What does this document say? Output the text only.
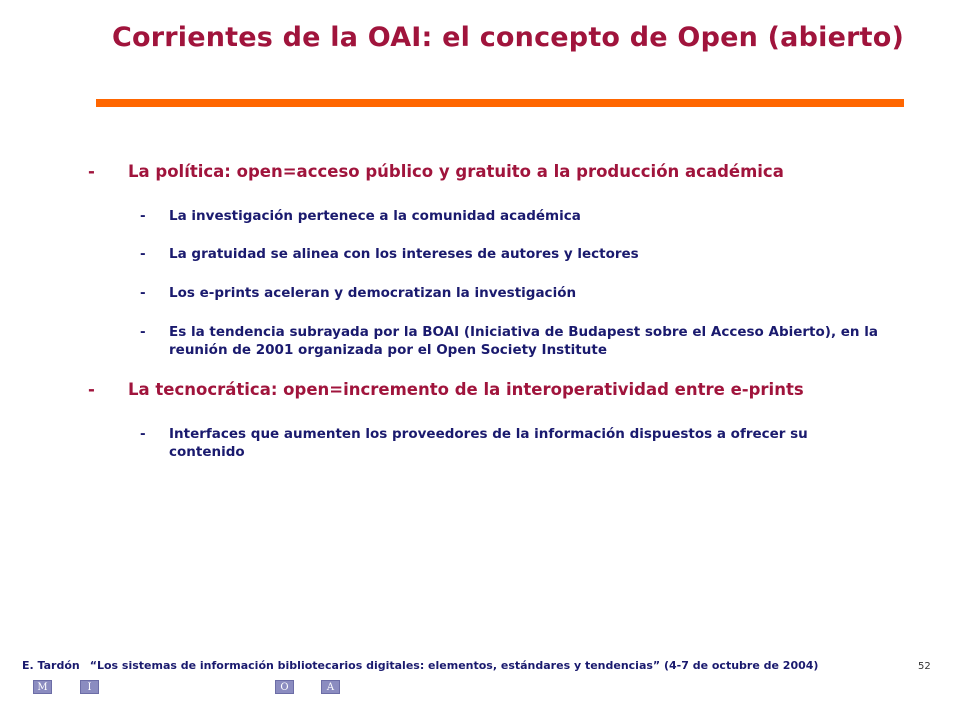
Corrientes de la OAI: el concepto de Open (abierto)
- La política: open=acceso público y gratuito a la producción académica
- La investigación pertenece a la comunidad académica
- La gratuidad se alinea con los intereses de autores y lectores
- Los e-prints aceleran y democratizan la investigación
- Es la tendencia subrayada por la BOAI (Iniciativa de Budapest sobre el Acceso Abierto), en la reunión de 2001 organizada por el Open Society Institute
- La tecnocrática: open=incremento de la interoperatividad entre e-prints
- Interfaces que aumenten los proveedores de la información dispuestos a ofrecer su contenido
E. Tardón “Los sistemas de información bibliotecarios digitales: elementos, estándares y tendencias” (4-7 de octubre de 2004)	52
M	I	O	A
